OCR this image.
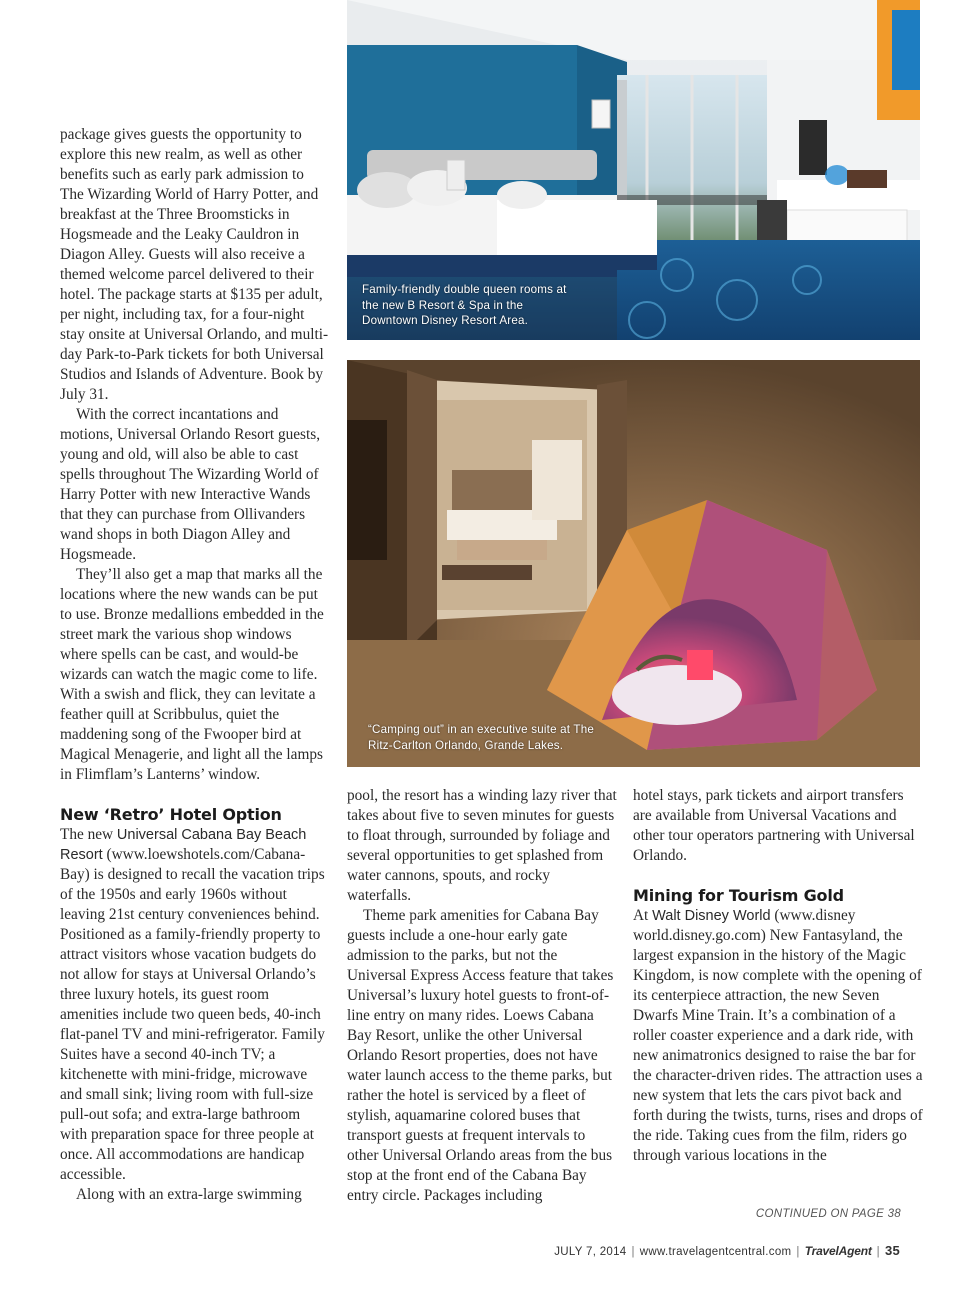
package gives guests the opportunity to explore this new realm, as well as other benefits such as early park admission to The Wizarding World of Harry Potter, and breakfast at the Three Broomsticks in Hogsmeade and the Leaky Cauldron in Diagon Alley. Guests will also receive a themed welcome parcel delivered to their hotel. The package starts at $135 per adult, per night, including tax, for a four-night stay onsite at Universal Orlando, and multi-day Park-to-Park tickets for both Universal Studios and Islands of Adventure. Book by July 31.

With the correct incantations and motions, Universal Orlando Resort guests, young and old, will also be able to cast spells throughout The Wizarding World of Harry Potter with new Interactive Wands that they can purchase from Ollivanders wand shops in both Diagon Alley and Hogsmeade.

They’ll also get a map that marks all the locations where the new wands can be put to use. Bronze medallions embedded in the street mark the various shop windows where spells can be cast, and would-be wizards can watch the magic come to life. With a swish and flick, they can levitate a feather quill at Scribbulus, quiet the maddening song of the Fwooper bird at Magical Menagerie, and light all the lamps in Flimflam’s Lanterns’ window.

New ‘Retro’ Hotel Option

The new Universal Cabana Bay Beach Resort (www.loewshotels.com/Cabana-Bay) is designed to recall the vacation trips of the 1950s and early 1960s without leaving 21st century conveniences behind. Positioned as a family-friendly property to attract visitors whose vacation budgets do not allow for stays at Universal Orlando’s three luxury hotels, its guest room amenities include two queen beds, 40-inch flat-panel TV and mini-refrigerator. Family Suites have a second 40-inch TV; a kitchenette with mini-fridge, microwave and small sink; living room with full-size pull-out sofa; and extra-large bathroom with preparation space for three people at once. All accommodations are handicap accessible.

Along with an extra-large swimming

Family-friendly double queen rooms at the new B Resort & Spa in the Downtown Disney Resort Area.
“Camping out” in an executive suite at The Ritz-Carlton Orlando, Grande Lakes.

pool, the resort has a winding lazy river that takes about five to seven minutes for guests to float through, surrounded by foliage and several opportunities to get splashed from water cannons, spouts, and rocky waterfalls.

Theme park amenities for Cabana Bay guests include a one-hour early gate admission to the parks, but not the Universal Express Access feature that takes Universal’s luxury hotel guests to front-of-line entry on many rides. Loews Cabana Bay Resort, unlike the other Universal Orlando Resort properties, does not have water launch access to the theme parks, but rather the hotel is serviced by a fleet of stylish, aquamarine colored buses that transport guests at frequent intervals to other Universal Orlando areas from the bus stop at the front end of the Cabana Bay entry circle. Packages including

hotel stays, park tickets and airport transfers are available from Universal Vacations and other tour operators partnering with Universal Orlando.

Mining for Tourism Gold

At Walt Disney World (www.disney world.disney.go.com) New Fantasyland, the largest expansion in the history of the Magic Kingdom, is now complete with the opening of its centerpiece attraction, the new Seven Dwarfs Mine Train. It’s a combination of a roller coaster experience and a dark ride, with new animatronics designed to raise the bar for the character-driven rides. The attraction uses a new system that lets the cars pivot back and forth during the twists, turns, rises and drops of the ride. Taking cues from the film, riders go through various locations in the

CONTINUED ON PAGE 38
JULY 7, 2014 | www.travelagentcentral.com | TravelAgent | 35
